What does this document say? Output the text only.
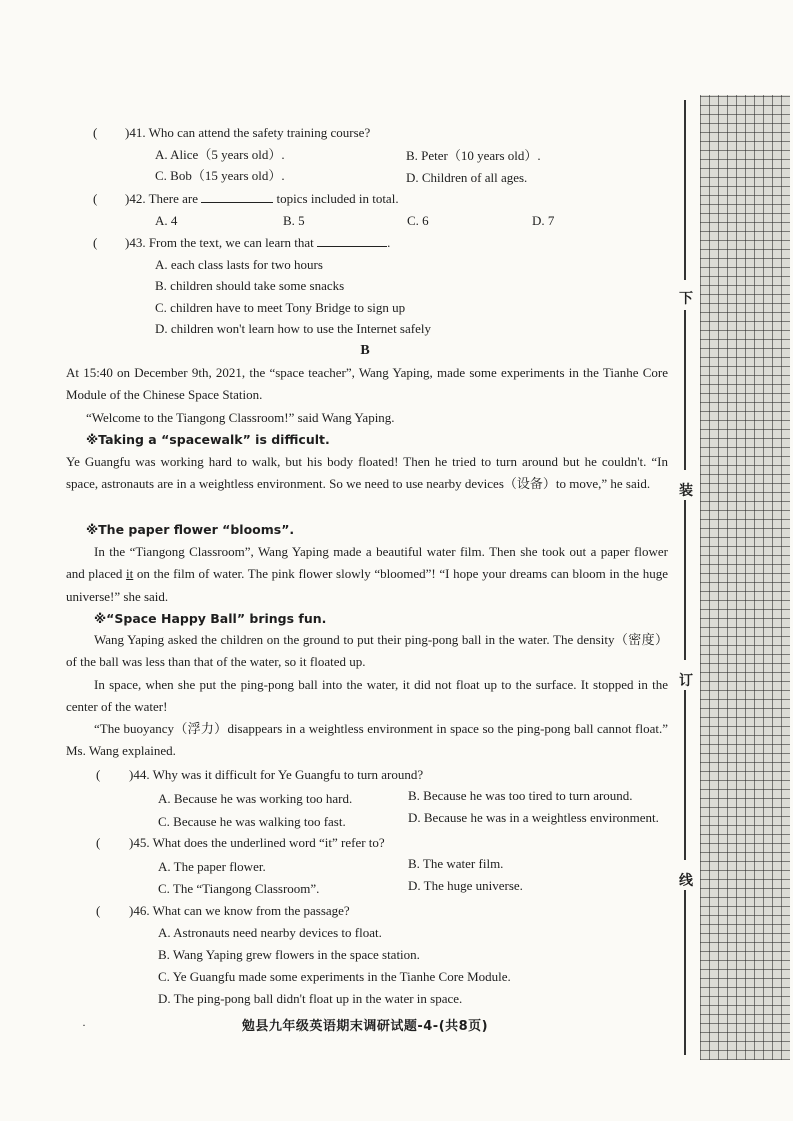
( )41. Who can attend the safety training course?
A. Alice（5 years old）.	B. Peter（10 years old）.
C. Bob（15 years old）.	D. Children of all ages.
( )42. There are	topics included in total.
A. 4	B. 5	C. 6	D. 7
( )43. From the text, we can learn that	.
A. each class lasts for two hours
B. children should take some snacks
C. children have to meet Tony Bridge to sign up
D. children won't learn how to use the Internet safely
B
At 15:40 on December 9th, 2021, the “space teacher”, Wang Yaping, made some experiments in the Tianhe Core Module of the Chinese Space Station.
“Welcome to the Tiangong Classroom!” said Wang Yaping.
※Taking a “spacewalk” is difficult.
Ye Guangfu was working hard to walk, but his body floated! Then he tried to turn around but he couldn't. “In space, astronauts are in a weightless environment. So we need to use nearby devices（设备）to move,” he said.
※The paper flower “blooms”.
In the “Tiangong Classroom”, Wang Yaping made a beautiful water film. Then she took out a paper flower and placed it on the film of water. The pink flower slowly “bloomed”! “I hope your dreams can bloom in the huge universe!” she said.
※“Space Happy Ball” brings fun.
Wang Yaping asked the children on the ground to put their ping-pong ball in the water. The density（密度）of the ball was less than that of the water, so it floated up.
In space, when she put the ping-pong ball into the water, it did not float up to the surface. It stopped in the center of the water!
“The buoyancy（浮力）disappears in a weightless environment in space so the ping-pong ball cannot float.” Ms. Wang explained.
( )44. Why was it difficult for Ye Guangfu to turn around?
A. Because he was working too hard.	B. Because he was too tired to turn around.
C. Because he was walking too fast.	D. Because he was in a weightless environment.
( )45. What does the underlined word “it” refer to?
A. The paper flower.	B. The water film.
C. The “Tiangong Classroom”.	D. The huge universe.
( )46. What can we know from the passage?
A. Astronauts need nearby devices to float.
B. Wang Yaping grew flowers in the space station.
C. Ye Guangfu made some experiments in the Tianhe Core Module.
D. The ping-pong ball didn't float up in the water in space.
·	勉县九年级英语期末调研试题-4-(共8页)
下
装
订
线
